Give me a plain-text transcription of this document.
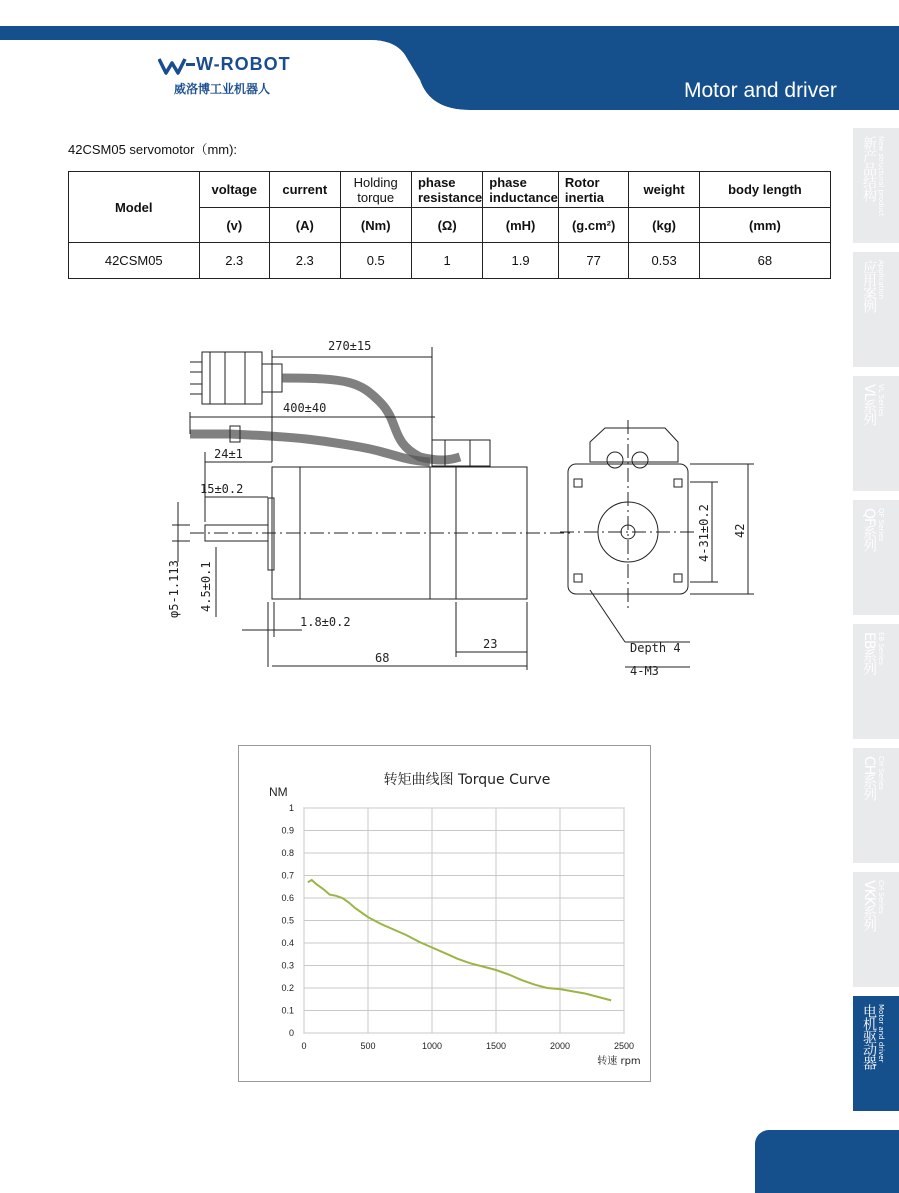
W-ROBOT
威洛博工业机器人	Motor and driver
42CSM05 servomotor（mm):
Model	voltage	current	Holding torque	phase resistance	phase inductance	Rotor inertia	weight	body length
	(v)	(A)	(Nm)	(Ω)	(mH)	(g.cm²)	(kg)	(mm)
42CSM05	2.3	2.3	0.5	1	1.9	77	0.53	68
270±15
400±40
24±1
15±0.2
φ5-1.113 4.5±0.1
1.8±0.2
68
23
4-31±0.2 42
Depth 4
4-M3
转矩曲线图 Torque Curve
NM
转速 rpm
0
0.1
0.2
0.3
0.4
0.5
0.6
0.7
0.8
0.9
1
0	500	1000	1500	2000	2500
新产品结构 New structural product
应用案例 Application
VL系列 VL Series
QF系列 QF Series
EB系列 EB Series
CH系列 CH Series
VKK系列 CH Series
电机驱动器 Motor and driver
